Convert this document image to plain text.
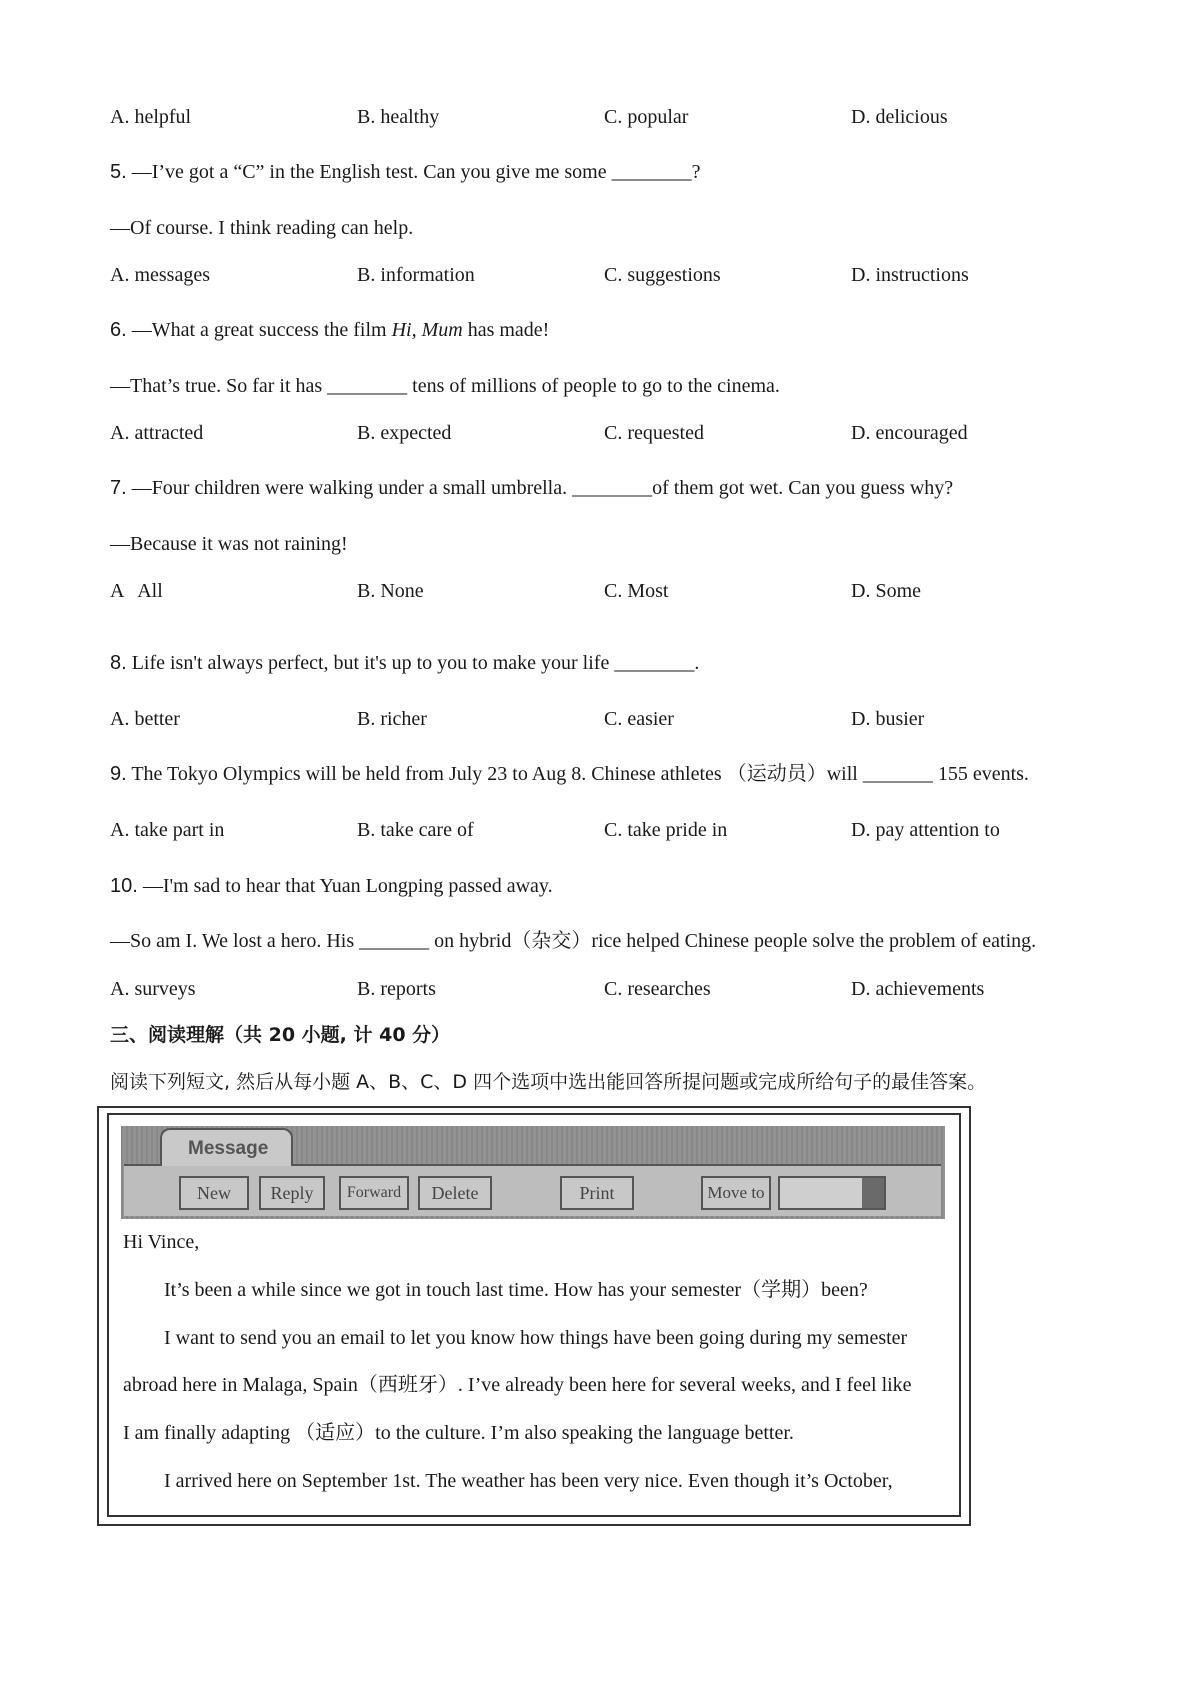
A. helpful	B. healthy	C. popular	D. delicious
5. —I’ve got a “C” in the English test. Can you give me some ________?
—Of course. I think reading can help.
A. messages	B. information	C. suggestions	D. instructions
6. —What a great success the film Hi, Mum has made!
—That’s true. So far it has ________ tens of millions of people to go to the cinema.
A. attracted	B. expected	C. requested	D. encouraged
7. —Four children were walking under a small umbrella. ________of them got wet. Can you guess why?
—Because it was not raining!
A   All	B. None	C. Most	D. Some
8. Life isn't always perfect, but it's up to you to make your life ________.
A. better	B. richer	C. easier	D. busier
9. The Tokyo Olympics will be held from July 23 to Aug 8. Chinese athletes （运动员）will _______ 155 events.
A. take part in	B. take care of	C. take pride in	D. pay attention to
10. —I'm sad to hear that Yuan Longping passed away.
—So am I. We lost a hero. His _______ on hybrid（杂交）rice helped Chinese people solve the problem of eating.
A. surveys	B. reports	C. researches	D. achievements
三、阅读理解（共 20 小题, 计 40 分）
阅读下列短文, 然后从每小题 A、B、C、D 四个选项中选出能回答所提问题或完成所给句子的最佳答案。
Message
New	Reply	Forward	Delete	Print	Move to
Hi Vince,
It’s been a while since we got in touch last time. How has your semester（学期）been?
I want to send you an email to let you know how things have been going during my semester
abroad here in Malaga, Spain（西班牙）. I’ve already been here for several weeks, and I feel like
I am finally adapting （适应）to the culture. I’m also speaking the language better.
I arrived here on September 1st. The weather has been very nice. Even though it’s October,
